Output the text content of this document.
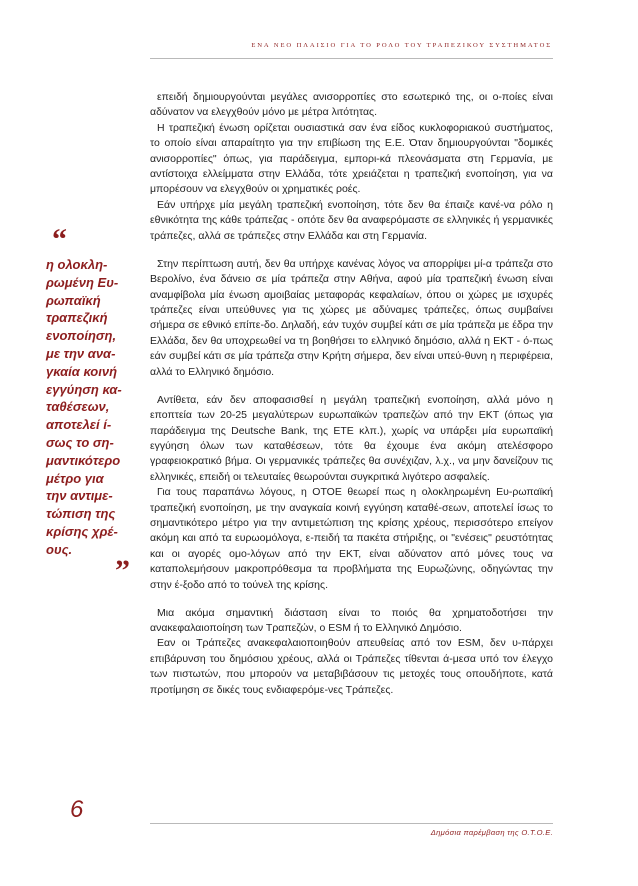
ΕΝΑ ΝΕΟ ΠΛΑΙΣΙΟ ΓΙΑ ΤΟ ΡΟΛΟ ΤΟΥ ΤΡΑΠΕΖΙΚΟΥ ΣΥΣΤΗΜΑΤΟΣ

επειδή δημιουργούνται μεγάλες ανισορροπίες στο εσωτερικό της, οι ο-ποίες είναι αδύνατον να ελεγχθούν μόνο με μέτρα λιτότητας.

Η τραπεζική ένωση ορίζεται ουσιαστικά σαν ένα είδος κυκλοφοριακού συστήματος, το οποίο είναι απαραίτητο για την επιβίωση της Ε.Ε. Όταν δημιουργούνται "δομικές ανισορροπίες" όπως, για παράδειγμα, εμπορι-κά πλεονάσματα στη Γερμανία, με αντίστοιχα ελλείμματα στην Ελλάδα, τότε χρειάζεται η τραπεζική ενοποίηση, για να μπορέσουν να ελεγχθούν οι χρηματικές ροές.

Εάν υπήρχε μία μεγάλη τραπεζική ενοποίηση, τότε δεν θα έπαιζε κανέ-να ρόλο η εθνικότητα της κάθε τράπεζας - οπότε δεν θα αναφερόμαστε σε ελληνικές ή γερμανικές τράπεζες, αλλά σε τράπεζες στην Ελλάδα και στη Γερμανία.

Στην περίπτωση αυτή, δεν θα υπήρχε κανένας λόγος να απορρίψει μί-α τράπεζα στο Βερολίνο, ένα δάνειο σε μία τράπεζα στην Αθήνα, αφού μία τραπεζική ένωση είναι αναμφίβολα μία ένωση αμοιβαίας μεταφοράς κεφαλαίων, όπου οι χώρες με ισχυρές τράπεζες είναι υπεύθυνες για τις χώρες με αδύναμες τράπεζες, όπως συμβαίνει σήμερα σε εθνικό επίπε-δο. Δηλαδή, εάν τυχόν συμβεί κάτι σε μία τράπεζα με έδρα την Ελλάδα, δεν θα υποχρεωθεί να τη βοηθήσει το ελληνικό δημόσιο, αλλά η ΕΚΤ - ό-πως εάν συμβεί κάτι σε μία τράπεζα στην Κρήτη σήμερα, δεν είναι υπεύ-θυνη η περιφέρεια, αλλά το Ελληνικό δημόσιο.

Αντίθετα, εάν δεν αποφασισθεί η μεγάλη τραπεζική ενοποίηση, αλλά μόνο η εποπτεία των 20-25 μεγαλύτερων ευρωπαϊκών τραπεζών από την ΕΚΤ (όπως για παράδειγμα της Deutsche Bank, της ΕΤΕ κλπ.), χωρίς να υπάρξει μία ευρωπαϊκή εγγύηση όλων των καταθέσεων, τότε θα έχουμε ένα ακόμη ατελέσφορο γραφειοκρατικό βήμα. Οι γερμανικές τράπεζες θα συνέχιζαν, λ.χ., να μην δανείζουν τις ελληνικές, επειδή οι τελευταίες θεωρούνται συγκριτικά λιγότερο ασφαλείς.

Για τους παραπάνω λόγους, η ΟΤΟΕ θεωρεί πως η ολοκληρωμένη Ευ-ρωπαϊκή τραπεζική ενοποίηση, με την αναγκαία κοινή εγγύηση καταθέ-σεων, αποτελεί ίσως το σημαντικότερο μέτρο για την αντιμετώπιση της κρίσης χρέους, περισσότερο επείγον ακόμη και από τα ευρωομόλογα, ε-πειδή τα πακέτα στήριξης, οι "ενέσεις" ρευστότητας και οι αγορές ομο-λόγων από την ΕΚΤ, είναι αδύνατον από μόνες τους να καταπολεμήσουν μακροπρόθεσμα τα προβλήματα της Ευρωζώνης, οδηγώντας την στην έ-ξοδο από το τούνελ της κρίσης.

Μια ακόμα σημαντική διάσταση είναι το ποιός θα χρηματοδοτήσει την ανακεφαλαιοποίηση των Τραπεζών, ο ESM ή το Ελληνικό Δημόσιο.

Εαν οι Τράπεζες ανακεφαλαιοποιηθούν απευθείας από τον ESM, δεν υ-πάρχει επιβάρυνση του δημόσιου χρέους, αλλά οι Τράπεζες τίθενται ά-μεσα υπό τον έλεγχο των πιστωτών, που μπορούν να μεταβιβάσουν τις μετοχές τους οπουδήποτε, κατά προτίμηση σε δικές τους ενδιαφερόμε-νες Τράπεζες.

“
η ολοκλη-
ρωμένη Ευ-
ρωπαϊκή
τραπεζική
ενοποίηση,
με την ανα-
γκαία κοινή
εγγύηση κα-
ταθέσεων,
αποτελεί ί-
σως το ση-
μαντικότερο
μέτρο για
την αντιμε-
τώπιση της
κρίσης χρέ-
ους.
”
6
Δημόσια παρέμβαση της Ο.Τ.Ο.Ε.
